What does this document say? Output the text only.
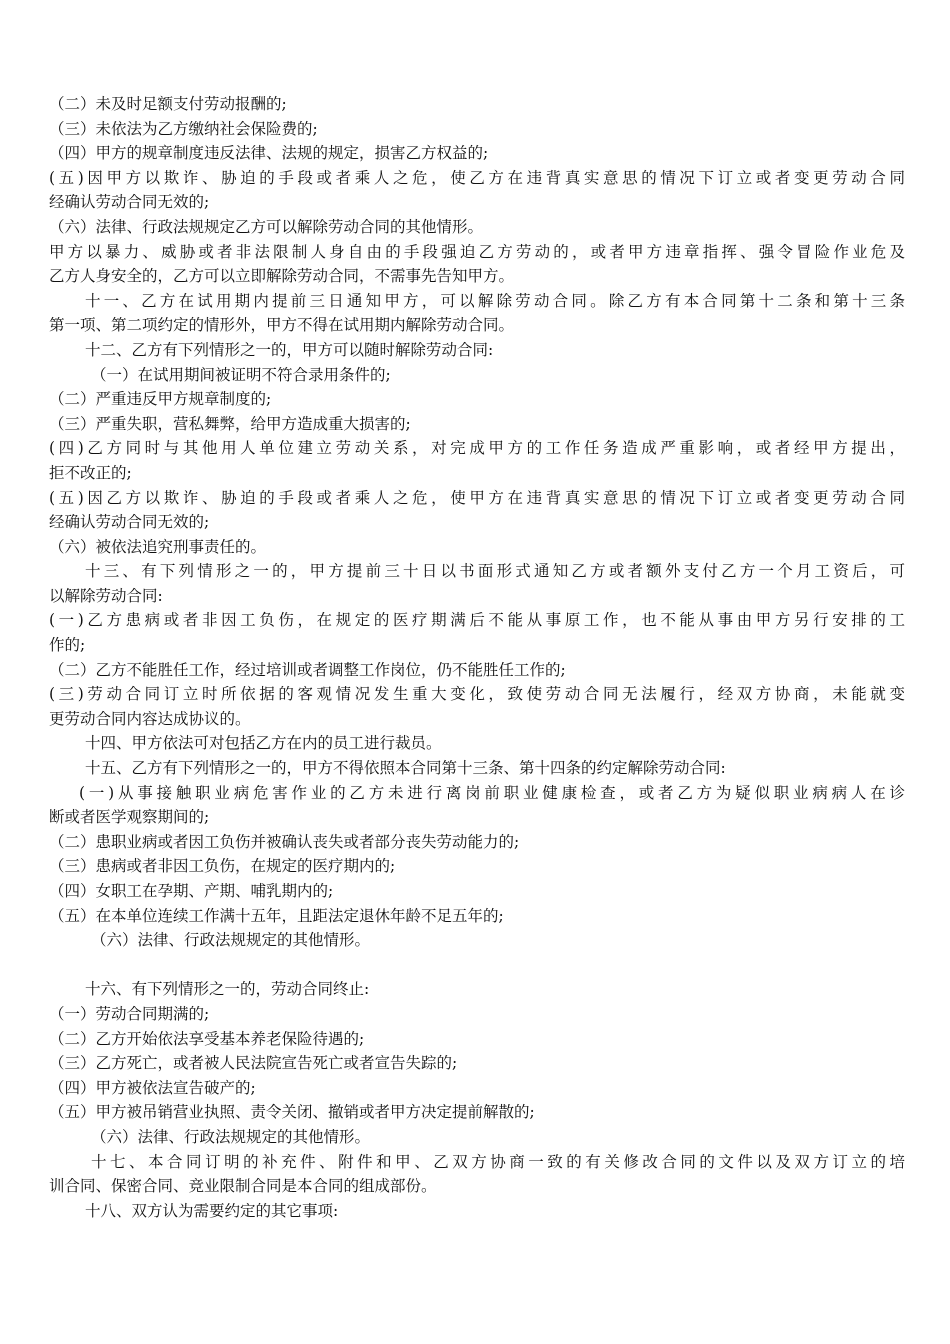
（二）未及时足额支付劳动报酬的;
（三）未依法为乙方缴纳社会保险费的;
（四）甲方的规章制度违反法律、法规的规定，损害乙方权益的;
(五)因甲方以欺诈、胁迫的手段或者乘人之危，使乙方在违背真实意思的情况下订立或者变更劳动合同
经确认劳动合同无效的;
（六）法律、行政法规规定乙方可以解除劳动合同的其他情形。
甲方以暴力、威胁或者非法限制人身自由的手段强迫乙方劳动的，或者甲方违章指挥、强令冒险作业危及
乙方人身安全的，乙方可以立即解除劳动合同，不需事先告知甲方。
十一、乙方在试用期内提前三日通知甲方，可以解除劳动合同。除乙方有本合同第十二条和第十三条
第一项、第二项约定的情形外，甲方不得在试用期内解除劳动合同。
十二、乙方有下列情形之一的，甲方可以随时解除劳动合同:
（一）在试用期间被证明不符合录用条件的;
（二）严重违反甲方规章制度的;
（三）严重失职，营私舞弊，给甲方造成重大损害的;
(四)乙方同时与其他用人单位建立劳动关系，对完成甲方的工作任务造成严重影响，或者经甲方提出，
拒不改正的;
(五)因乙方以欺诈、胁迫的手段或者乘人之危，使甲方在违背真实意思的情况下订立或者变更劳动合同
经确认劳动合同无效的;
（六）被依法追究刑事责任的。
十三、有下列情形之一的，甲方提前三十日以书面形式通知乙方或者额外支付乙方一个月工资后，可
以解除劳动合同:
(一)乙方患病或者非因工负伤，在规定的医疗期满后不能从事原工作，也不能从事由甲方另行安排的工
作的;
（二）乙方不能胜任工作，经过培训或者调整工作岗位，仍不能胜任工作的;
(三)劳动合同订立时所依据的客观情况发生重大变化，致使劳动合同无法履行，经双方协商，未能就变
更劳动合同内容达成协议的。
十四、甲方依法可对包括乙方在内的员工进行裁员。
十五、乙方有下列情形之一的，甲方不得依照本合同第十三条、第十四条的约定解除劳动合同:
(一)从事接触职业病危害作业的乙方未进行离岗前职业健康检查，或者乙方为疑似职业病病人在诊
断或者医学观察期间的;
（二）患职业病或者因工负伤并被确认丧失或者部分丧失劳动能力的;
（三）患病或者非因工负伤，在规定的医疗期内的;
（四）女职工在孕期、产期、哺乳期内的;
（五）在本单位连续工作满十五年，且距法定退休年龄不足五年的;
（六）法律、行政法规规定的其他情形。
十六、有下列情形之一的，劳动合同终止:
（一）劳动合同期满的;
（二）乙方开始依法享受基本养老保险待遇的;
（三）乙方死亡，或者被人民法院宣告死亡或者宣告失踪的;
（四）甲方被依法宣告破产的;
（五）甲方被吊销营业执照、责令关闭、撤销或者甲方决定提前解散的;
（六）法律、行政法规规定的其他情形。
十七、本合同订明的补充件、附件和甲、乙双方协商一致的有关修改合同的文件以及双方订立的培
训合同、保密合同、竞业限制合同是本合同的组成部份。
十八、双方认为需要约定的其它事项:
